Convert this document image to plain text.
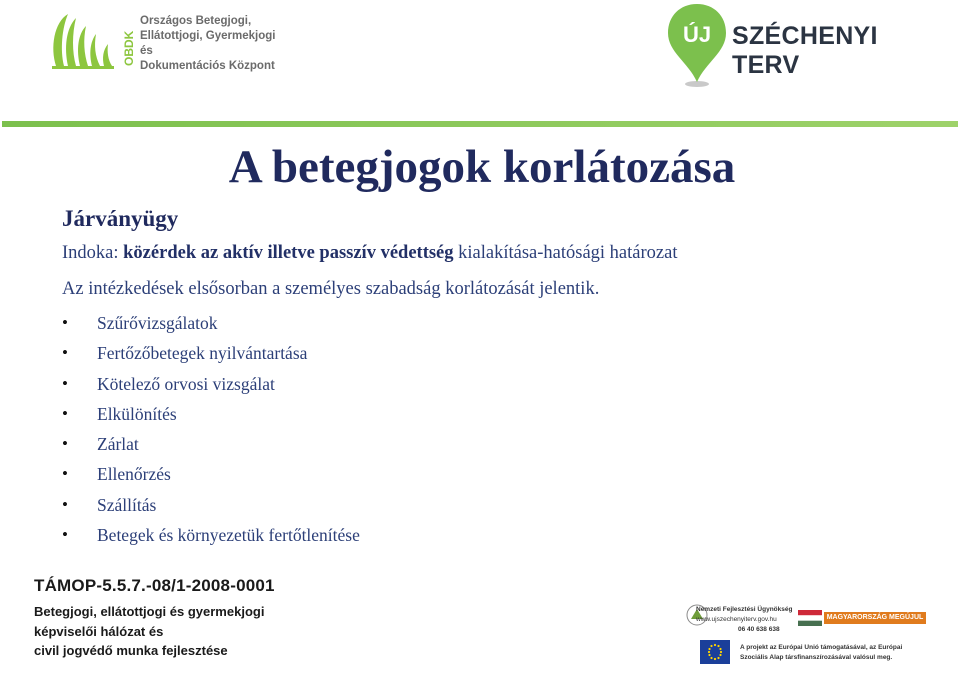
OBDK
Országos Betegjogi,
Ellátottjogi, Gyermekjogi és
Dokumentációs Központ
ÚJ SZÉCHENYI TERV
A betegjogok korlátozása
Járványügy
Indoka: közérdek az aktív illetve passzív védettség kialakítása-hatósági határozat
Az intézkedések elsősorban a személyes szabadság korlátozását jelentik.
• Szűrővizsgálatok
• Fertőzőbetegek nyilvántartása
• Kötelező orvosi vizsgálat
• Elkülönítés
• Zárlat
• Ellenőrzés
• Szállítás
• Betegek és környezetük fertőtlenítése
TÁMOP-5.5.7.-08/1-2008-0001
Betegjogi, ellátottjogi és gyermekjogi
képviselői hálózat és
civil jogvédő munka fejlesztése
Nemzeti Fejlesztési Ügynökség
www.ujszechenyiterv.gov.hu
06 40 638 638
MAGYARORSZÁG MEGÚJUL
A projekt az Európai Unió támogatásával, az Európai
Szociális Alap társfinanszírozásával valósul meg.
